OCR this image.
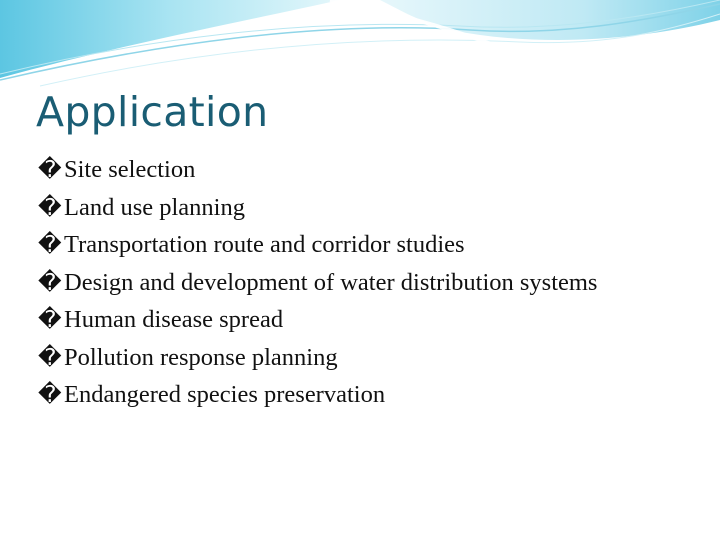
Application
�
Site selection
�
Land use planning
�
Transportation route and corridor studies
�
Design and development of water distribution systems
�
Human disease spread
�
Pollution response planning
�
Endangered species preservation
